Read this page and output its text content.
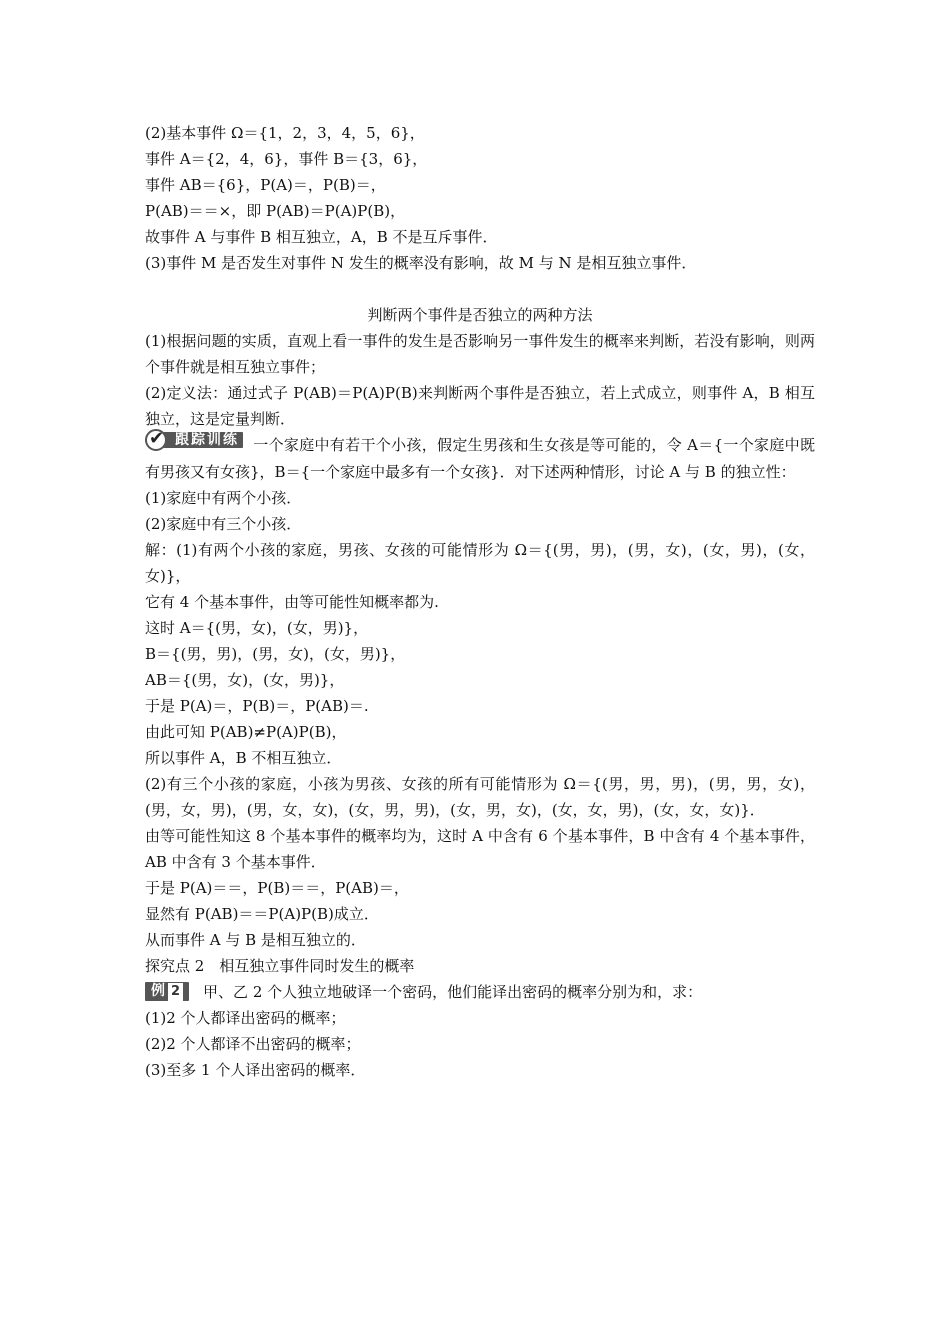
(2)基本事件 Ω＝{1，2，3，4，5，6}，
事件 A＝{2，4，6}，事件 B＝{3，6}，
事件 AB＝{6}，P(A)＝，P(B)＝，
P(AB)＝＝×，即 P(AB)＝P(A)P(B)，
故事件 A 与事件 B 相互独立，A，B 不是互斥事件．
(3)事件 M 是否发生对事件 N 发生的概率没有影响，故 M 与 N 是相互独立事件．
判断两个事件是否独立的两种方法
(1)根据问题的实质，直观上看一事件的发生是否影响另一事件发生的概率来判断，若没有影响，则两个事件就是相互独立事件；
(2)定义法：通过式子 P(AB)＝P(A)P(B)来判断两个事件是否独立，若上式成立，则事件 A，B 相互独立，这是定量判断．
✔ 跟踪训练 一个家庭中有若干个小孩，假定生男孩和生女孩是等可能的，令 A＝{一个家庭中既有男孩又有女孩}，B＝{一个家庭中最多有一个女孩}．对下述两种情形，讨论 A 与 B 的独立性：
(1)家庭中有两个小孩．
(2)家庭中有三个小孩．
解：(1)有两个小孩的家庭，男孩、女孩的可能情形为 Ω＝{(男，男)，(男，女)，(女，男)，(女，女)}，
它有 4 个基本事件，由等可能性知概率都为.
这时 A＝{(男，女)，(女，男)}，
B＝{(男，男)，(男，女)，(女，男)}，
AB＝{(男，女)，(女，男)}，
于是 P(A)＝，P(B)＝，P(AB)＝.
由此可知 P(AB)≠P(A)P(B)，
所以事件 A，B 不相互独立．
(2)有三个小孩的家庭，小孩为男孩、女孩的所有可能情形为 Ω＝{(男，男，男)，(男，男，女)，(男，女，男)，(男，女，女)，(女，男，男)，(女，男，女)，(女，女，男)，(女，女，女)}．
由等可能性知这 8 个基本事件的概率均为，这时 A 中含有 6 个基本事件，B 中含有 4 个基本事件，AB 中含有 3 个基本事件．
于是 P(A)＝＝，P(B)＝＝，P(AB)＝，
显然有 P(AB)＝＝P(A)P(B)成立．
从而事件 A 与 B 是相互独立的．
探究点 2　相互独立事件同时发生的概率
例 2 甲、乙 2 个人独立地破译一个密码，他们能译出密码的概率分别为和，求：
(1)2 个人都译出密码的概率；
(2)2 个人都译不出密码的概率；
(3)至多 1 个人译出密码的概率．
